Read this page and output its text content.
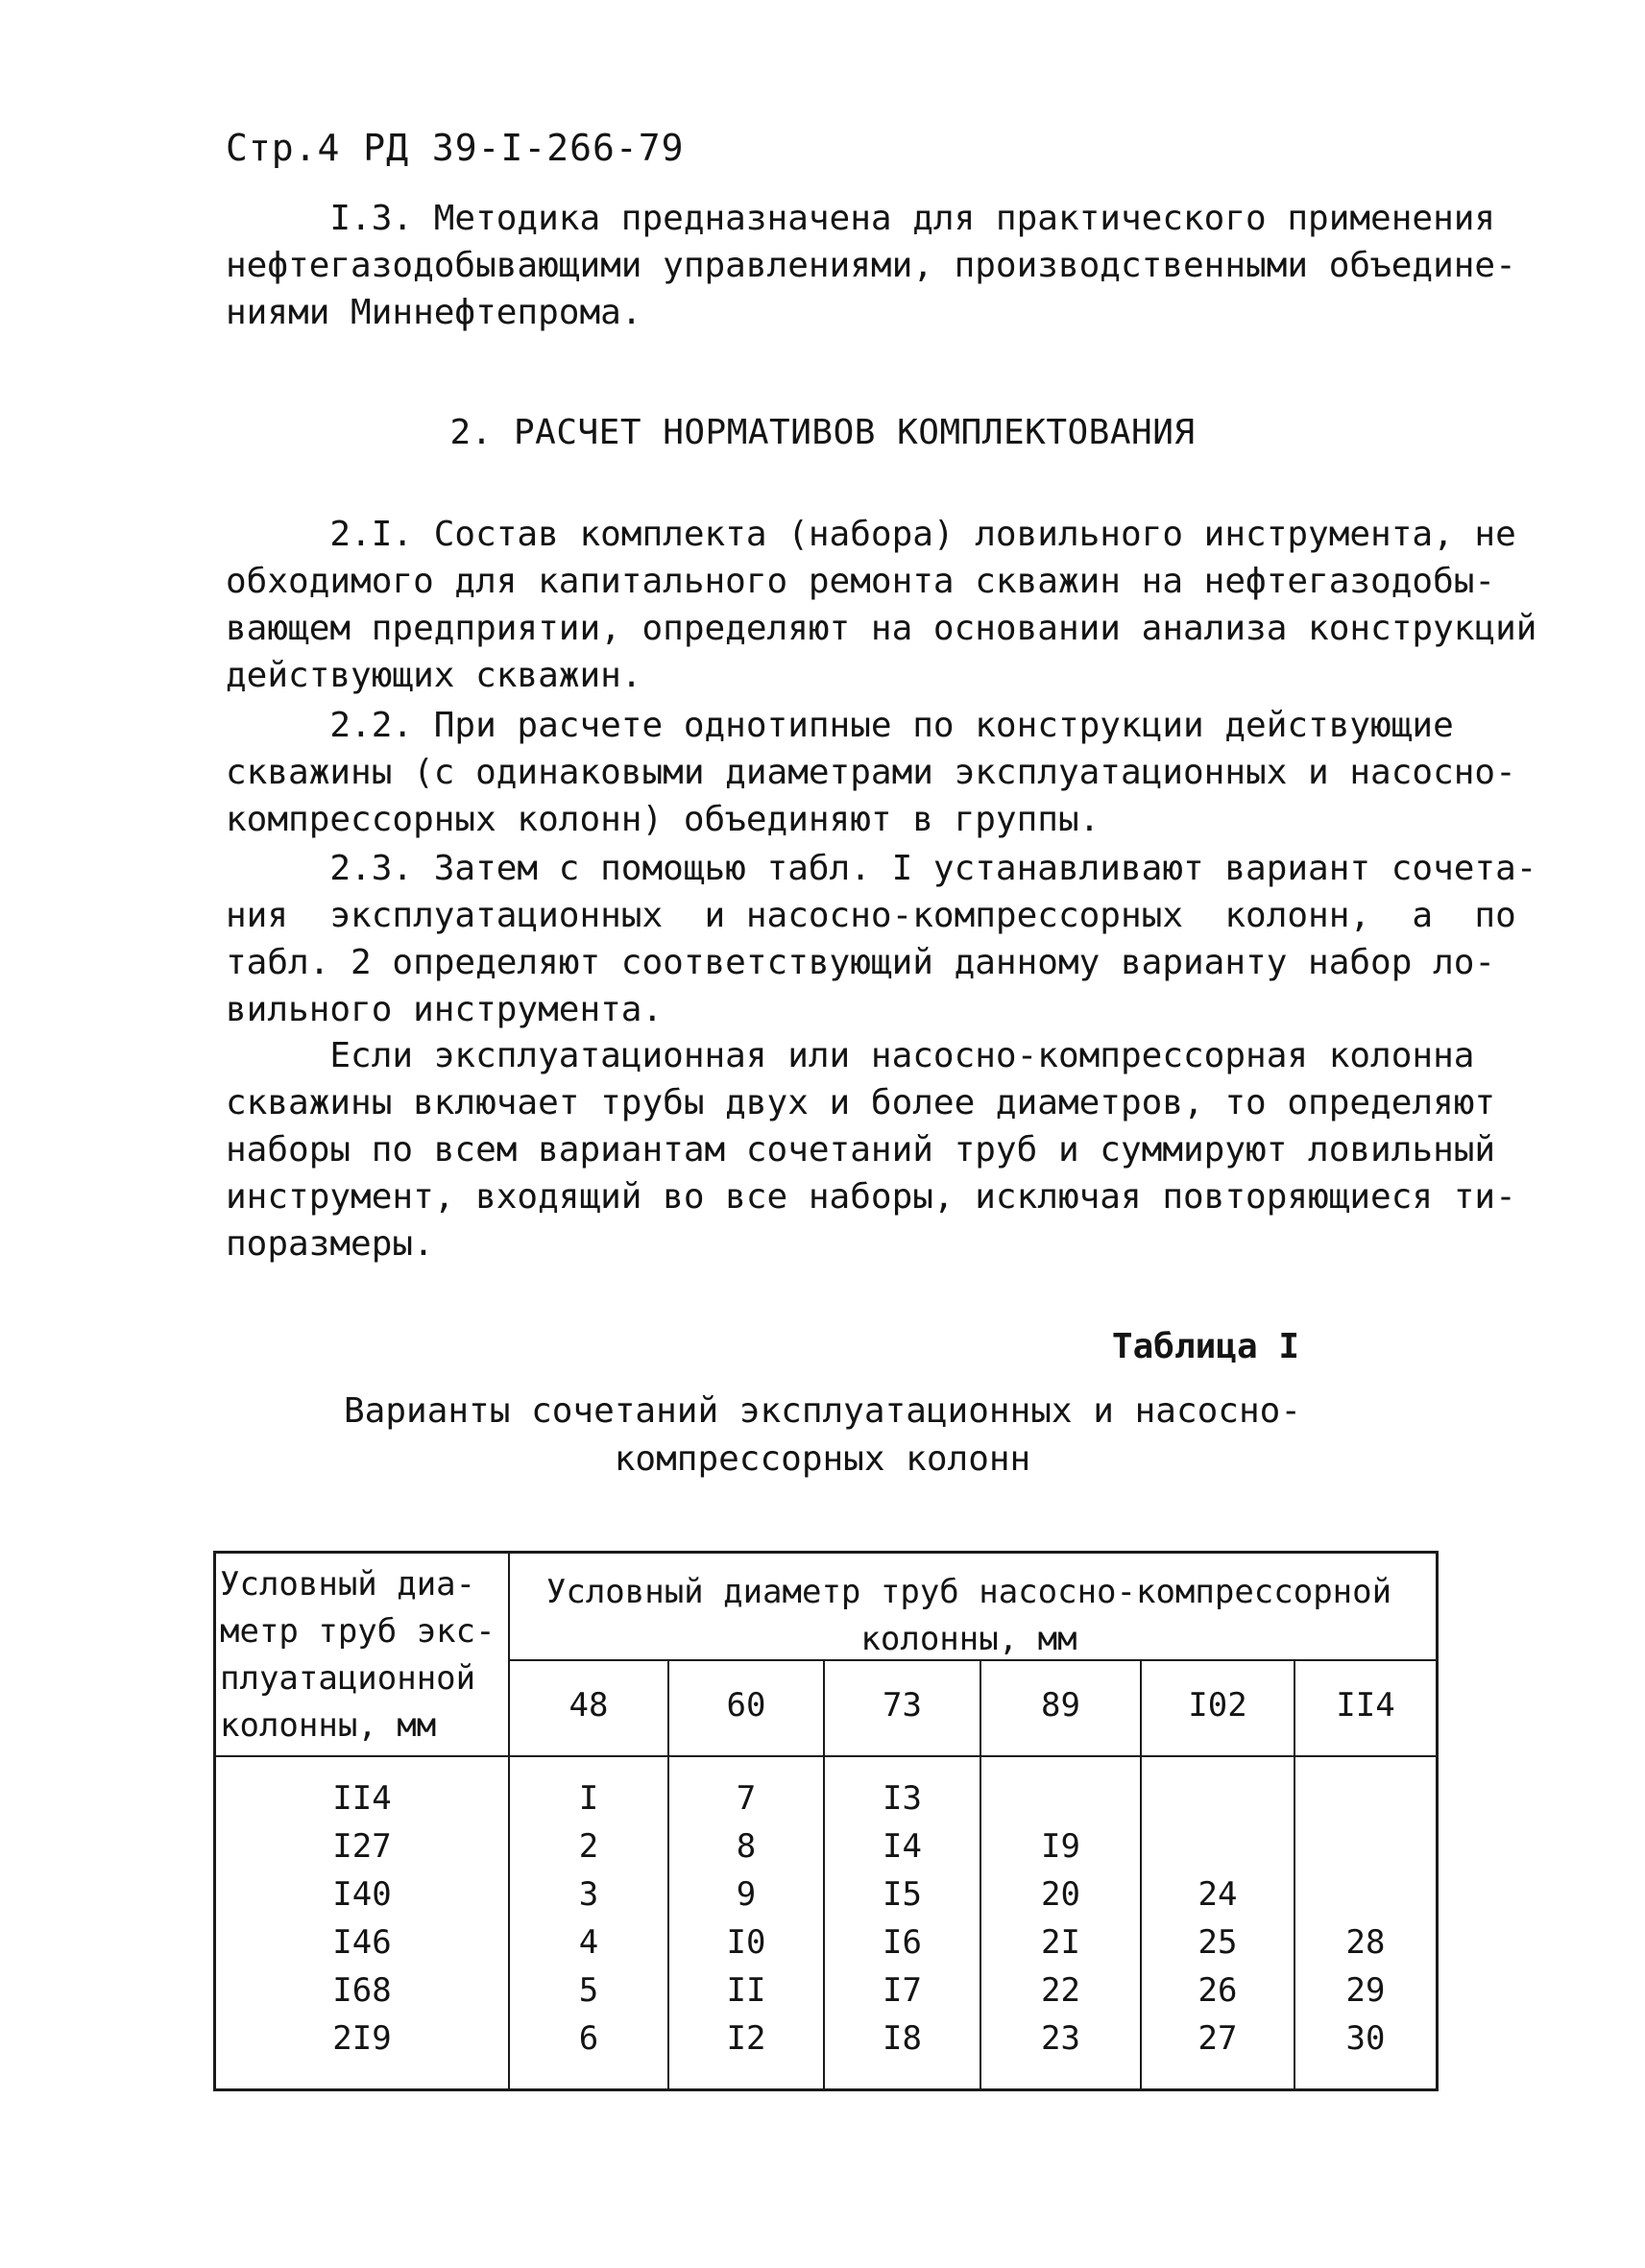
Стр.4 РД 39-I-266-79
I.3. Методика предназначена для практического применения
нефтегазодобывающими управлениями, производственными объедине-
ниями Миннефтепрома.
2. РАСЧЕТ НОРМАТИВОВ КОМПЛЕКТОВАНИЯ
2.I. Состав комплекта (набора) ловильного инструмента, не
обходимого для капитального ремонта скважин на нефтегазодобы-
вающем предприятии, определяют на основании анализа конструкций
действующих скважин.
2.2. При расчете однотипные по конструкции действующие
скважины (с одинаковыми диаметрами эксплуатационных и насосно-
компрессорных колонн) объединяют в группы.
2.3. Затем с помощью табл. I устанавливают вариант сочета-
ния  эксплуатационных  и насосно-компрессорных  колонн,  а  по
табл. 2 определяют соответствующий данному варианту набор ло-
вильного инструмента.
Если эксплуатационная или насосно-компрессорная колонна
скважины включает трубы двух и более диаметров, то определяют
наборы по всем вариантам сочетаний труб и суммируют ловильный
инструмент, входящий во все наборы, исключая повторяющиеся ти-
поразмеры.
Таблица I
Варианты сочетаний эксплуатационных и насосно-
компрессорных колонн
Условный диа-
метр труб экс-
плуатационной
колонны, мм
Условный диаметр труб насосно-компрессорной
колонны, мм
48	60	73	89	I02	II4
II4	I	7	I3
I27	2	8	I4	I9
I40	3	9	I5	20	24
I46	4	I0	I6	2I	25	28
I68	5	II	I7	22	26	29
2I9	6	I2	I8	23	27	30
